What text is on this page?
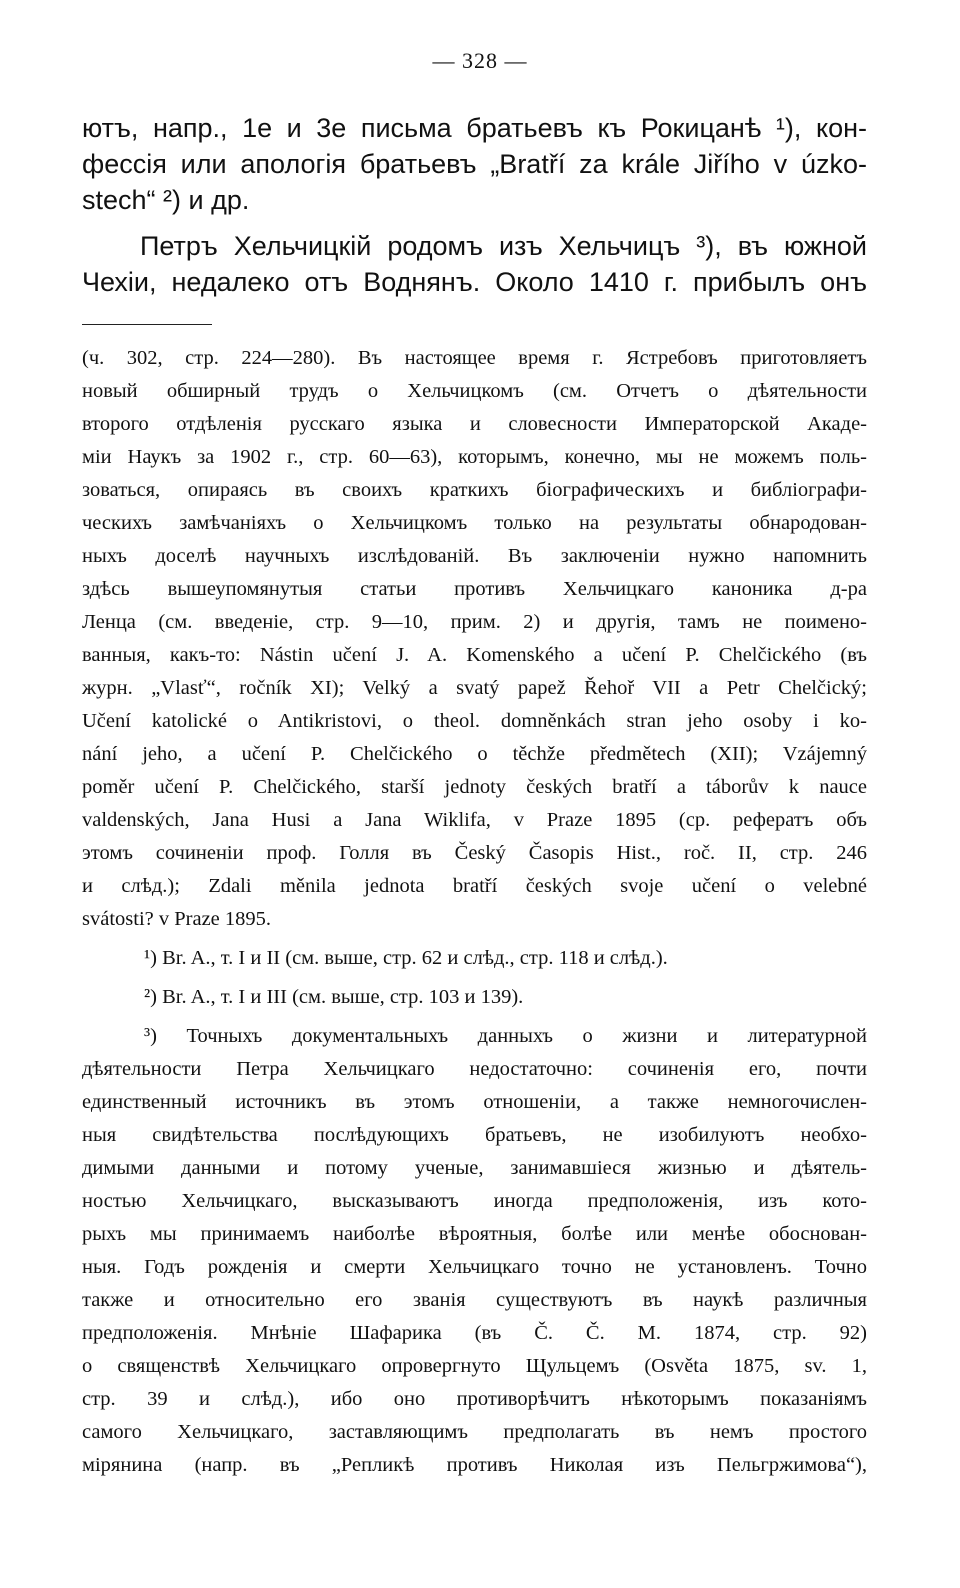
— 328 —
ютъ, напр., 1е и 3е письма братьевъ къ Рокицанѣ ¹), кон-
фессія или апологія братьевъ „Bratří za krále Jiřího v úzko-
stech“ ²) и др.
Петръ Хельчицкій родомъ изъ Хельчицъ ³), въ южной
Чехіи, недалеко отъ Воднянъ. Около 1410 г. прибылъ онъ
(ч. 302, стр. 224—280). Въ настоящее время г. Ястребовъ приготовляетъ
новый обширный трудъ о Хельчицкомъ (см. Отчетъ о дѣятельности
второго отдѣленія русскаго языка и словесности Императорской Акаде-
міи Наукъ за 1902 г., стр. 60—63), которымъ, конечно, мы не можемъ поль-
зоваться, опираясь въ своихъ краткихъ біографическихъ и библіографи-
ческихъ замѣчаніяхъ о Хельчицкомъ только на результаты обнародован-
ныхъ доселѣ научныхъ изслѣдованій. Въ заключеніи нужно напомнить
здѣсь вышеупомянутыя статьи противъ Хельчицкаго каноника д-ра
Ленца (см. введеніе, стр. 9—10, прим. 2) и другія, тамъ не поимено-
ванныя, какъ-то: Nástin učení J. A. Komenského a učení P. Chelčického (въ
журн. „Vlasť“, ročník XI); Velký a svatý papež Řehoř VII a Petr Chelčický;
Učení katolické o Antikristovi, o theol. domněnkách stran jeho osoby i ko-
nání jeho, a učení P. Chelčického o těchže předmětech (XII); Vzájemný
poměr učení P. Chelčického, starší jednoty českých bratří a táborův k nauce
valdenských, Jana Husi a Jana Wiklifa, v Praze 1895 (ср. рефератъ объ
этомъ сочиненіи проф. Голля въ Český Časopis Hist., roč. II, стр. 246
и слѣд.); Zdali měnila jednota bratří českých svoje učení o velebné
svátosti? v Praze 1895.
¹) Br. A., т. I и II (см. выше, стр. 62 и слѣд., стр. 118 и слѣд.).
²) Br. A., т. I и III (см. выше, стр. 103 и 139).
³) Точныхъ документальныхъ данныхъ о жизни и литературной
дѣятельности Петра Хельчицкаго недостаточно: сочиненія его, почти
единственный источникъ въ этомъ отношеніи, а также немногочислен-
ныя свидѣтельства послѣдующихъ братьевъ, не изобилуютъ необхо-
димыми данными и потому ученые, занимавшіеся жизнью и дѣятель-
ностью Хельчицкаго, высказываютъ иногда предположенія, изъ кото-
рыхъ мы принимаемъ наиболѣе вѣроятныя, болѣе или менѣе обоснован-
ныя. Годъ рожденія и смерти Хельчицкаго точно не установленъ. Точно
также и относительно его званія существуютъ въ наукѣ различныя
предположенія. Мнѣніе Шафарика (въ Č. Č. M. 1874, стр. 92)
о священствѣ Хельчицкаго опровергнуто Щульцемъ (Osvěta 1875, sv. 1,
стр. 39 и слѣд.), ибо оно противорѣчитъ нѣкоторымъ показаніямъ
самого Хельчицкаго, заставляющимъ предполагать въ немъ простого
мірянина (напр. въ „Репликѣ противъ Николая изъ Пельгржимова“),
